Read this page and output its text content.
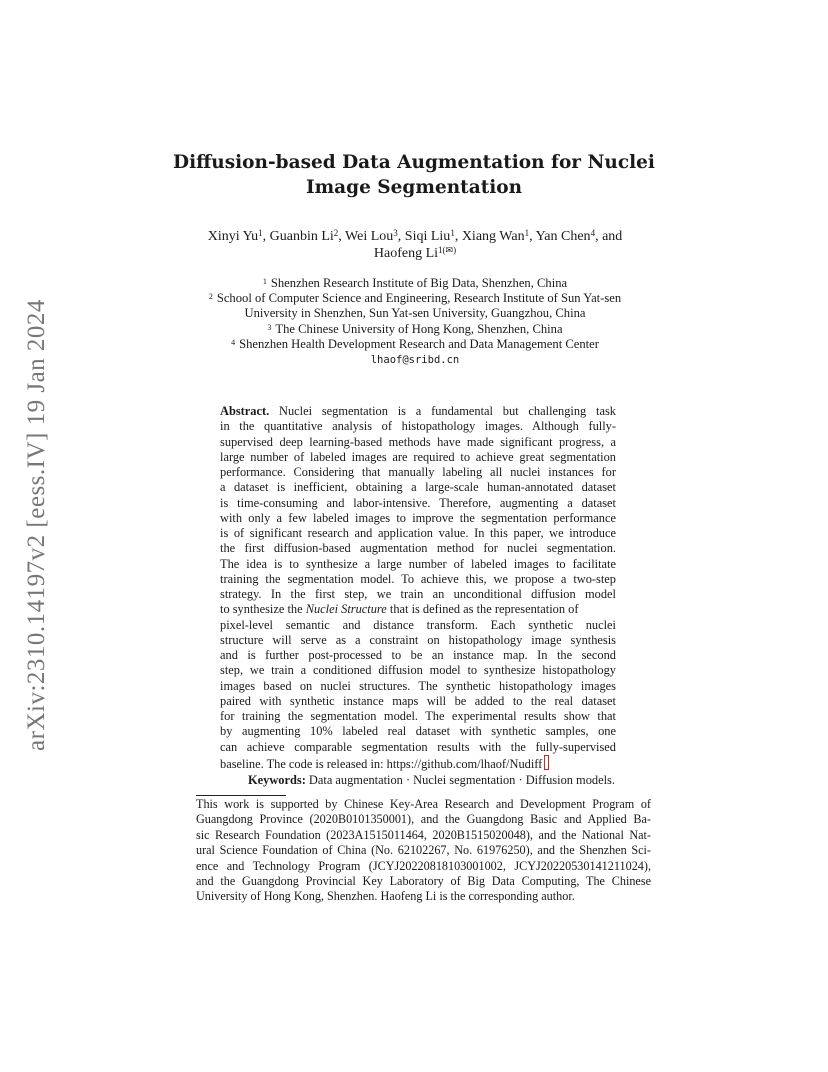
arXiv:2310.14197v2 [eess.IV] 19 Jan 2024
Diffusion-based Data Augmentation for Nuclei
Image Segmentation
Xinyi Yu$^1$, Guanbin Li$^2$, Wei Lou$^3$, Siqi Liu$^1$, Xiang Wan$^1$, Yan Chen$^4$, and
Haofeng $Li^{1(✉)}$
$^1$ Shenzhen Research Institute of Big Data, Shenzhen, China
$^2$ School of Computer Science and Engineering, Research Institute of Sun Yat-sen
University in Shenzhen, Sun Yat-sen University, Guangzhou, China
$^3$ The Chinese University of Hong Kong, Shenzhen, China
$^4$ Shenzhen Health Development Research and Data Management Center
lhaof@sribd.cn
Abstract. Nuclei segmentation is a fundamental but challenging task
in the quantitative analysis of histopathology images. Although fully-
supervised deep learning-based methods have made significant progress, a
large number of labeled images are required to achieve great segmentation
performance. Considering that manually labeling all nuclei instances for
a dataset is inefficient, obtaining a large-scale human-annotated dataset
is time-consuming and labor-intensive. Therefore, augmenting a dataset
with only a few labeled images to improve the segmentation performance
is of significant research and application value. In this paper, we introduce
the first diffusion-based augmentation method for nuclei segmentation.
The idea is to synthesize a large number of labeled images to facilitate
training the segmentation model. To achieve this, we propose a two-step
strategy. In the first step, we train an unconditional diffusion model
to synthesize the Nuclei Structure that is defined as the representation of
pixel-level semantic and distance transform. Each synthetic nuclei
structure will serve as a constraint on histopathology image synthesis
and is further post-processed to be an instance map. In the second
step, we train a conditioned diffusion model to synthesize histopathology
images based on nuclei structures. The synthetic histopathology images
paired with synthetic instance maps will be added to the real dataset
for training the segmentation model. The experimental results show that
by augmenting 10% labeled real dataset with synthetic samples, one
can achieve comparable segmentation results with the fully-supervised
baseline. The code is released in: https://github.com/lhaof/Nudiff
Keywords: Data augmentation · Nuclei segmentation · Diffusion models.
This work is supported by Chinese Key-Area Research and Development Program of
Guangdong Province (2020B0101350001), and the Guangdong Basic and Applied Ba-
sic Research Foundation (2023A1515011464, 2020B1515020048), and the National Nat-
ural Science Foundation of China (No. 62102267, No. 61976250), and the Shenzhen Sci-
ence and Technology Program (JCYJ20220818103001002, JCYJ20220530141211024),
and the Guangdong Provincial Key Laboratory of Big Data Computing, The Chinese
University of Hong Kong, Shenzhen. Haofeng Li is the corresponding author.
